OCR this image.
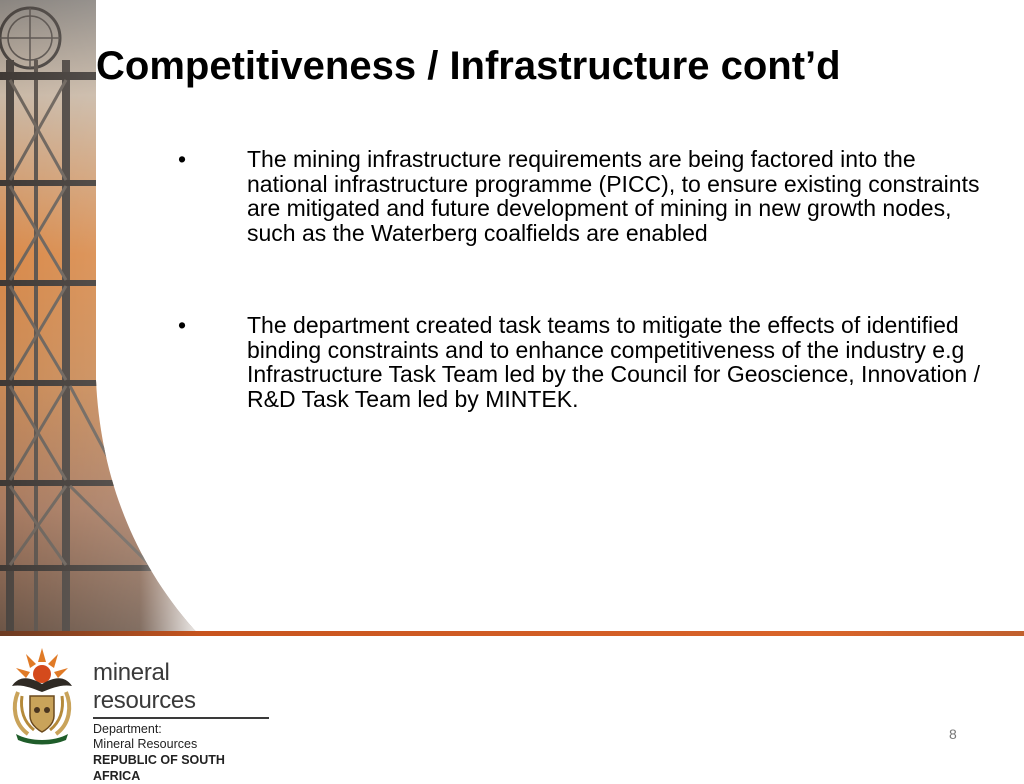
Competitiveness / Infrastructure cont’d
•	The mining infrastructure requirements are being factored into the national infrastructure programme (PICC), to ensure existing constraints are mitigated and future development of mining in new growth nodes, such as the Waterberg coalfields are enabled
•	The department created task teams to mitigate the effects of identified binding constraints and to enhance competitiveness of the industry e.g Infrastructure Task Team led by the Council for Geoscience, Innovation / R&D Task Team led by MINTEK.
mineral resources
Department:
Mineral Resources
REPUBLIC OF SOUTH AFRICA
8
